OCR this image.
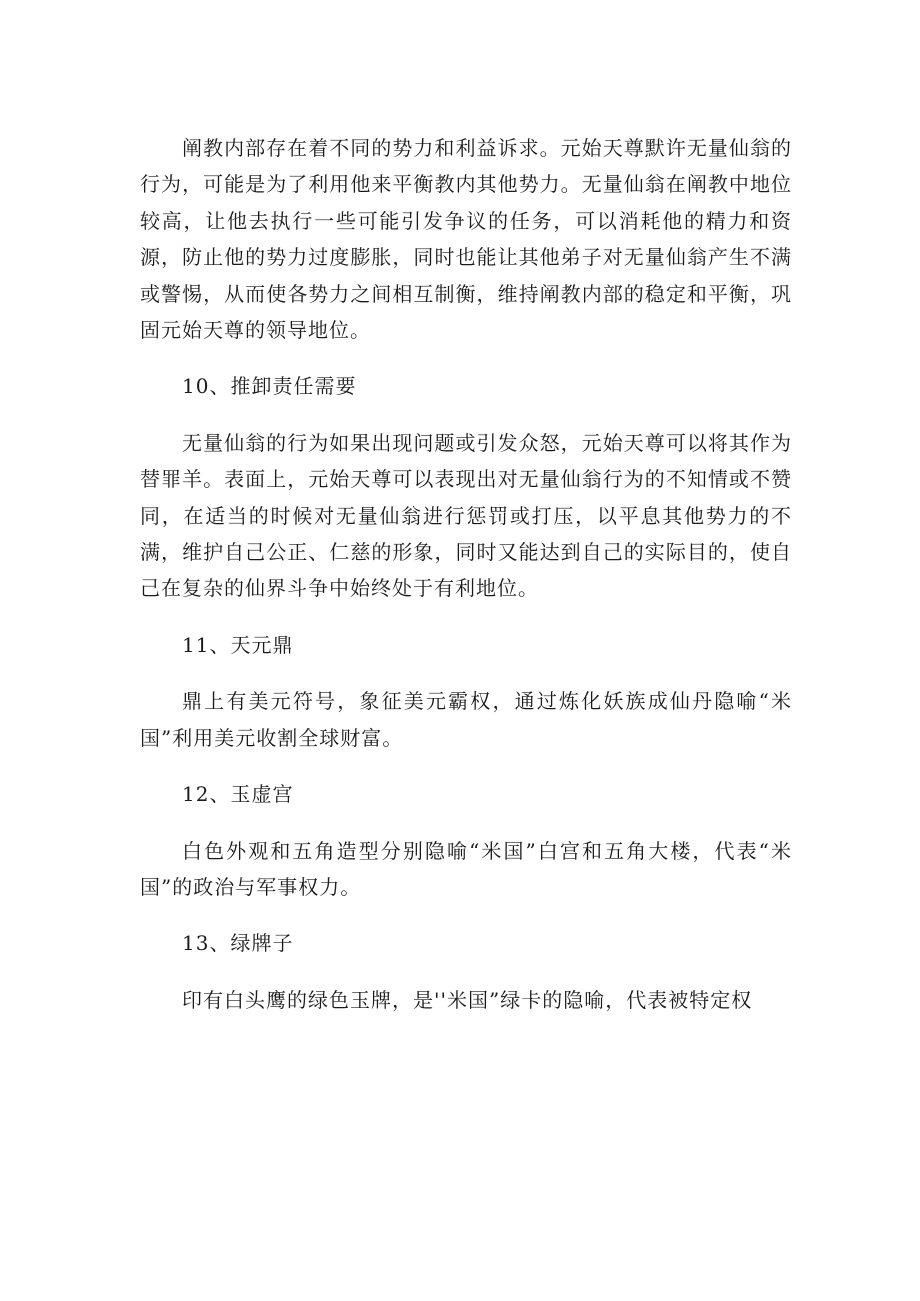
阐教内部存在着不同的势力和利益诉求。元始天尊默许无量仙翁的行为，可能是为了利用他来平衡教内其他势力。无量仙翁在阐教中地位较高，让他去执行一些可能引发争议的任务，可以消耗他的精力和资源，防止他的势力过度膨胀，同时也能让其他弟子对无量仙翁产生不满或警惕，从而使各势力之间相互制衡，维持阐教内部的稳定和平衡，巩固元始天尊的领导地位。

10、推卸责任需要

无量仙翁的行为如果出现问题或引发众怒，元始天尊可以将其作为替罪羊。表面上，元始天尊可以表现出对无量仙翁行为的不知情或不赞同，在适当的时候对无量仙翁进行惩罚或打压，以平息其他势力的不满，维护自己公正、仁慈的形象，同时又能达到自己的实际目的，使自己在复杂的仙界斗争中始终处于有利地位。

11、天元鼎

鼎上有美元符号，象征美元霸权，通过炼化妖族成仙丹隐喻“米国”利用美元收割全球财富。

12、玉虚宫

白色外观和五角造型分别隐喻“米国”白宫和五角大楼，代表“米国”的政治与军事权力。

13、绿牌子

印有白头鹰的绿色玉牌，是''米国”绿卡的隐喻，代表被特定权
